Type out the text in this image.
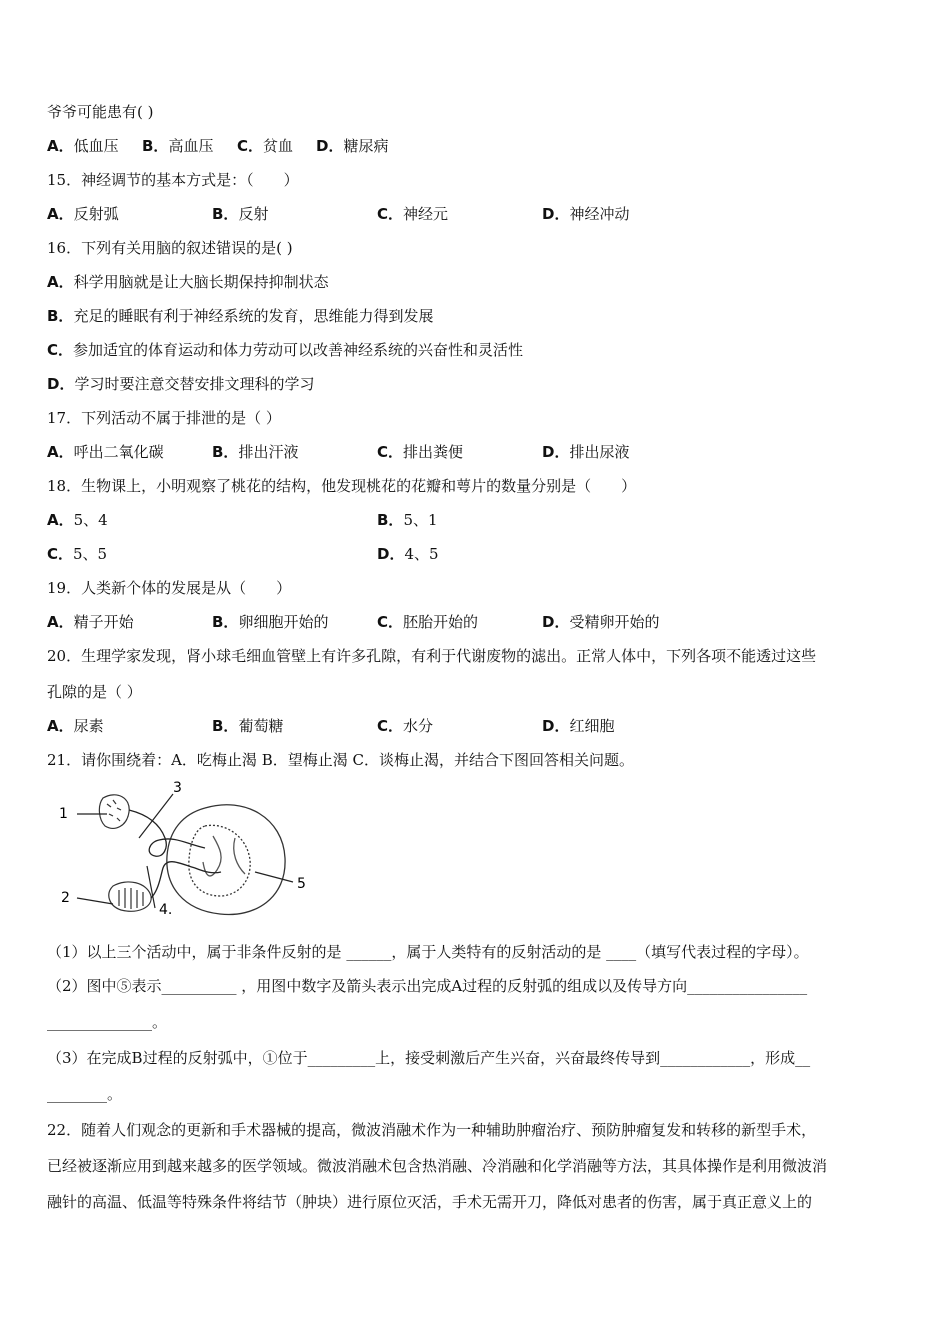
爷爷可能患有( )
A．低血压 B．高血压 C．贫血 D．糖尿病
15．神经调节的基本方式是：（　　）
A．反射弧	B．反射	C．神经元	D．神经冲动
16．下列有关用脑的叙述错误的是( )
A．科学用脑就是让大脑长期保持抑制状态
B．充足的睡眠有利于神经系统的发育，思维能力得到发展
C．参加适宜的体育运动和体力劳动可以改善神经系统的兴奋性和灵活性
D．学习时要注意交替安排文理科的学习
17．下列活动不属于排泄的是（ ）
A．呼出二氧化碳	B．排出汗液	C．排出粪便	D．排出尿液
18．生物课上，小明观察了桃花的结构，他发现桃花的花瓣和萼片的数量分别是（　　）
A．5、4	B．5、1
C．5、5	D．4、5
19．人类新个体的发展是从（　　）
A．精子开始	B．卵细胞开始的	C．胚胎开始的	D．受精卵开始的
20．生理学家发现，肾小球毛细血管壁上有许多孔隙，有利于代谢废物的滤出。正常人体中，下列各项不能透过这些
孔隙的是（ ）
A．尿素	B．葡萄糖	C．水分	D．红细胞
21．请你围绕着：A．吃梅止渴 B．望梅止渴 C．谈梅止渴，并结合下图回答相关问题。
1
2
3
4.
5
（1）以上三个活动中，属于非条件反射的是 ______，属于人类特有的反射活动的是 ____（填写代表过程的字母）。
（2）图中⑤表示__________ ，用图中数字及箭头表示出完成A过程的反射弧的组成以及传导方向________________
______________。
（3）在完成B过程的反射弧中，①位于_________上，接受刺激后产生兴奋，兴奋最终传导到____________，形成__
________。
22．随着人们观念的更新和手术器械的提高，微波消融术作为一种辅助肿瘤治疗、预防肿瘤复发和转移的新型手术，
已经被逐渐应用到越来越多的医学领域。微波消融术包含热消融、冷消融和化学消融等方法，其具体操作是利用微波消
融针的高温、低温等特殊条件将结节（肿块）进行原位灭活，手术无需开刀，降低对患者的伤害，属于真正意义上的
